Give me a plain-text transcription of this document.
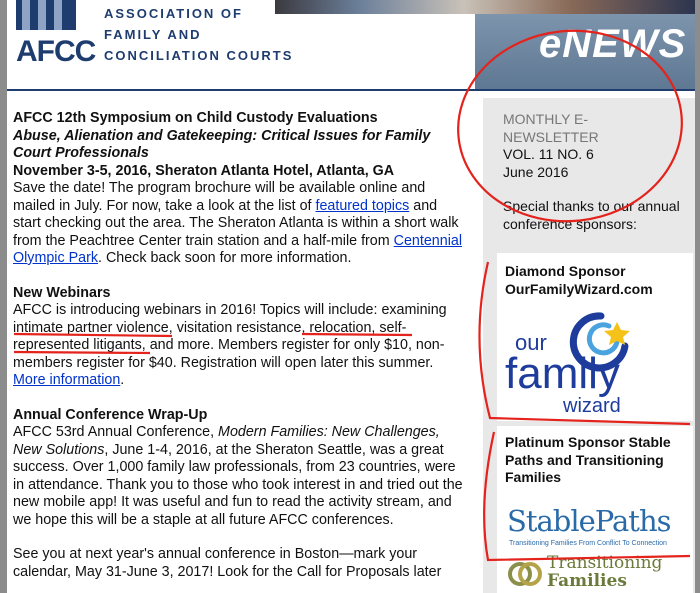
AFCC
ASSOCIATION OF
FAMILY AND
CONCILIATION COURTS	eNEWS

AFCC 12th Symposium on Child Custody Evaluations

Abuse, Alienation and Gatekeeping: Critical Issues for Family Court Professionals

November 3-5, 2016, Sheraton Atlanta Hotel, Atlanta, GA

Save the date! The program brochure will be available online and mailed in July. For now, take a look at the list of featured topics and start checking out the area. The Sheraton Atlanta is within a short walk from the Peachtree Center train station and a half-mile from Centennial Olympic Park. Check back soon for more information.

New Webinars

AFCC is introducing webinars in 2016! Topics will include: examining intimate partner violence, visitation resistance, relocation, self-represented litigants, and more. Members register for only $10, non-members register for $40. Registration will open later this summer. More information.

Annual Conference Wrap-Up

AFCC 53rd Annual Conference, Modern Families: New Challenges, New Solutions, June 1-4, 2016, at the Sheraton Seattle, was a great success. Over 1,000 family law professionals, from 23 countries, were in attendance. Thank you to those who took interest in and tried out the new mobile app! It was useful and fun to read the activity stream, and we hope this will be a staple at all future AFCC conferences.

See you at next year's annual conference in Boston—mark your calendar, May 31-June 3, 2017! Look for the Call for Proposals later

MONTHLY E-NEWSLETTER
VOL. 11 NO. 6
June 2016
Special thanks to our annual conference sponsors:
Diamond Sponsor OurFamilyWizard.com
our
family
wizard
Platinum Sponsor Stable Paths and Transitioning Families
StablePaths
Transitioning Families From Conflict To Connection
Transitioning
Families
